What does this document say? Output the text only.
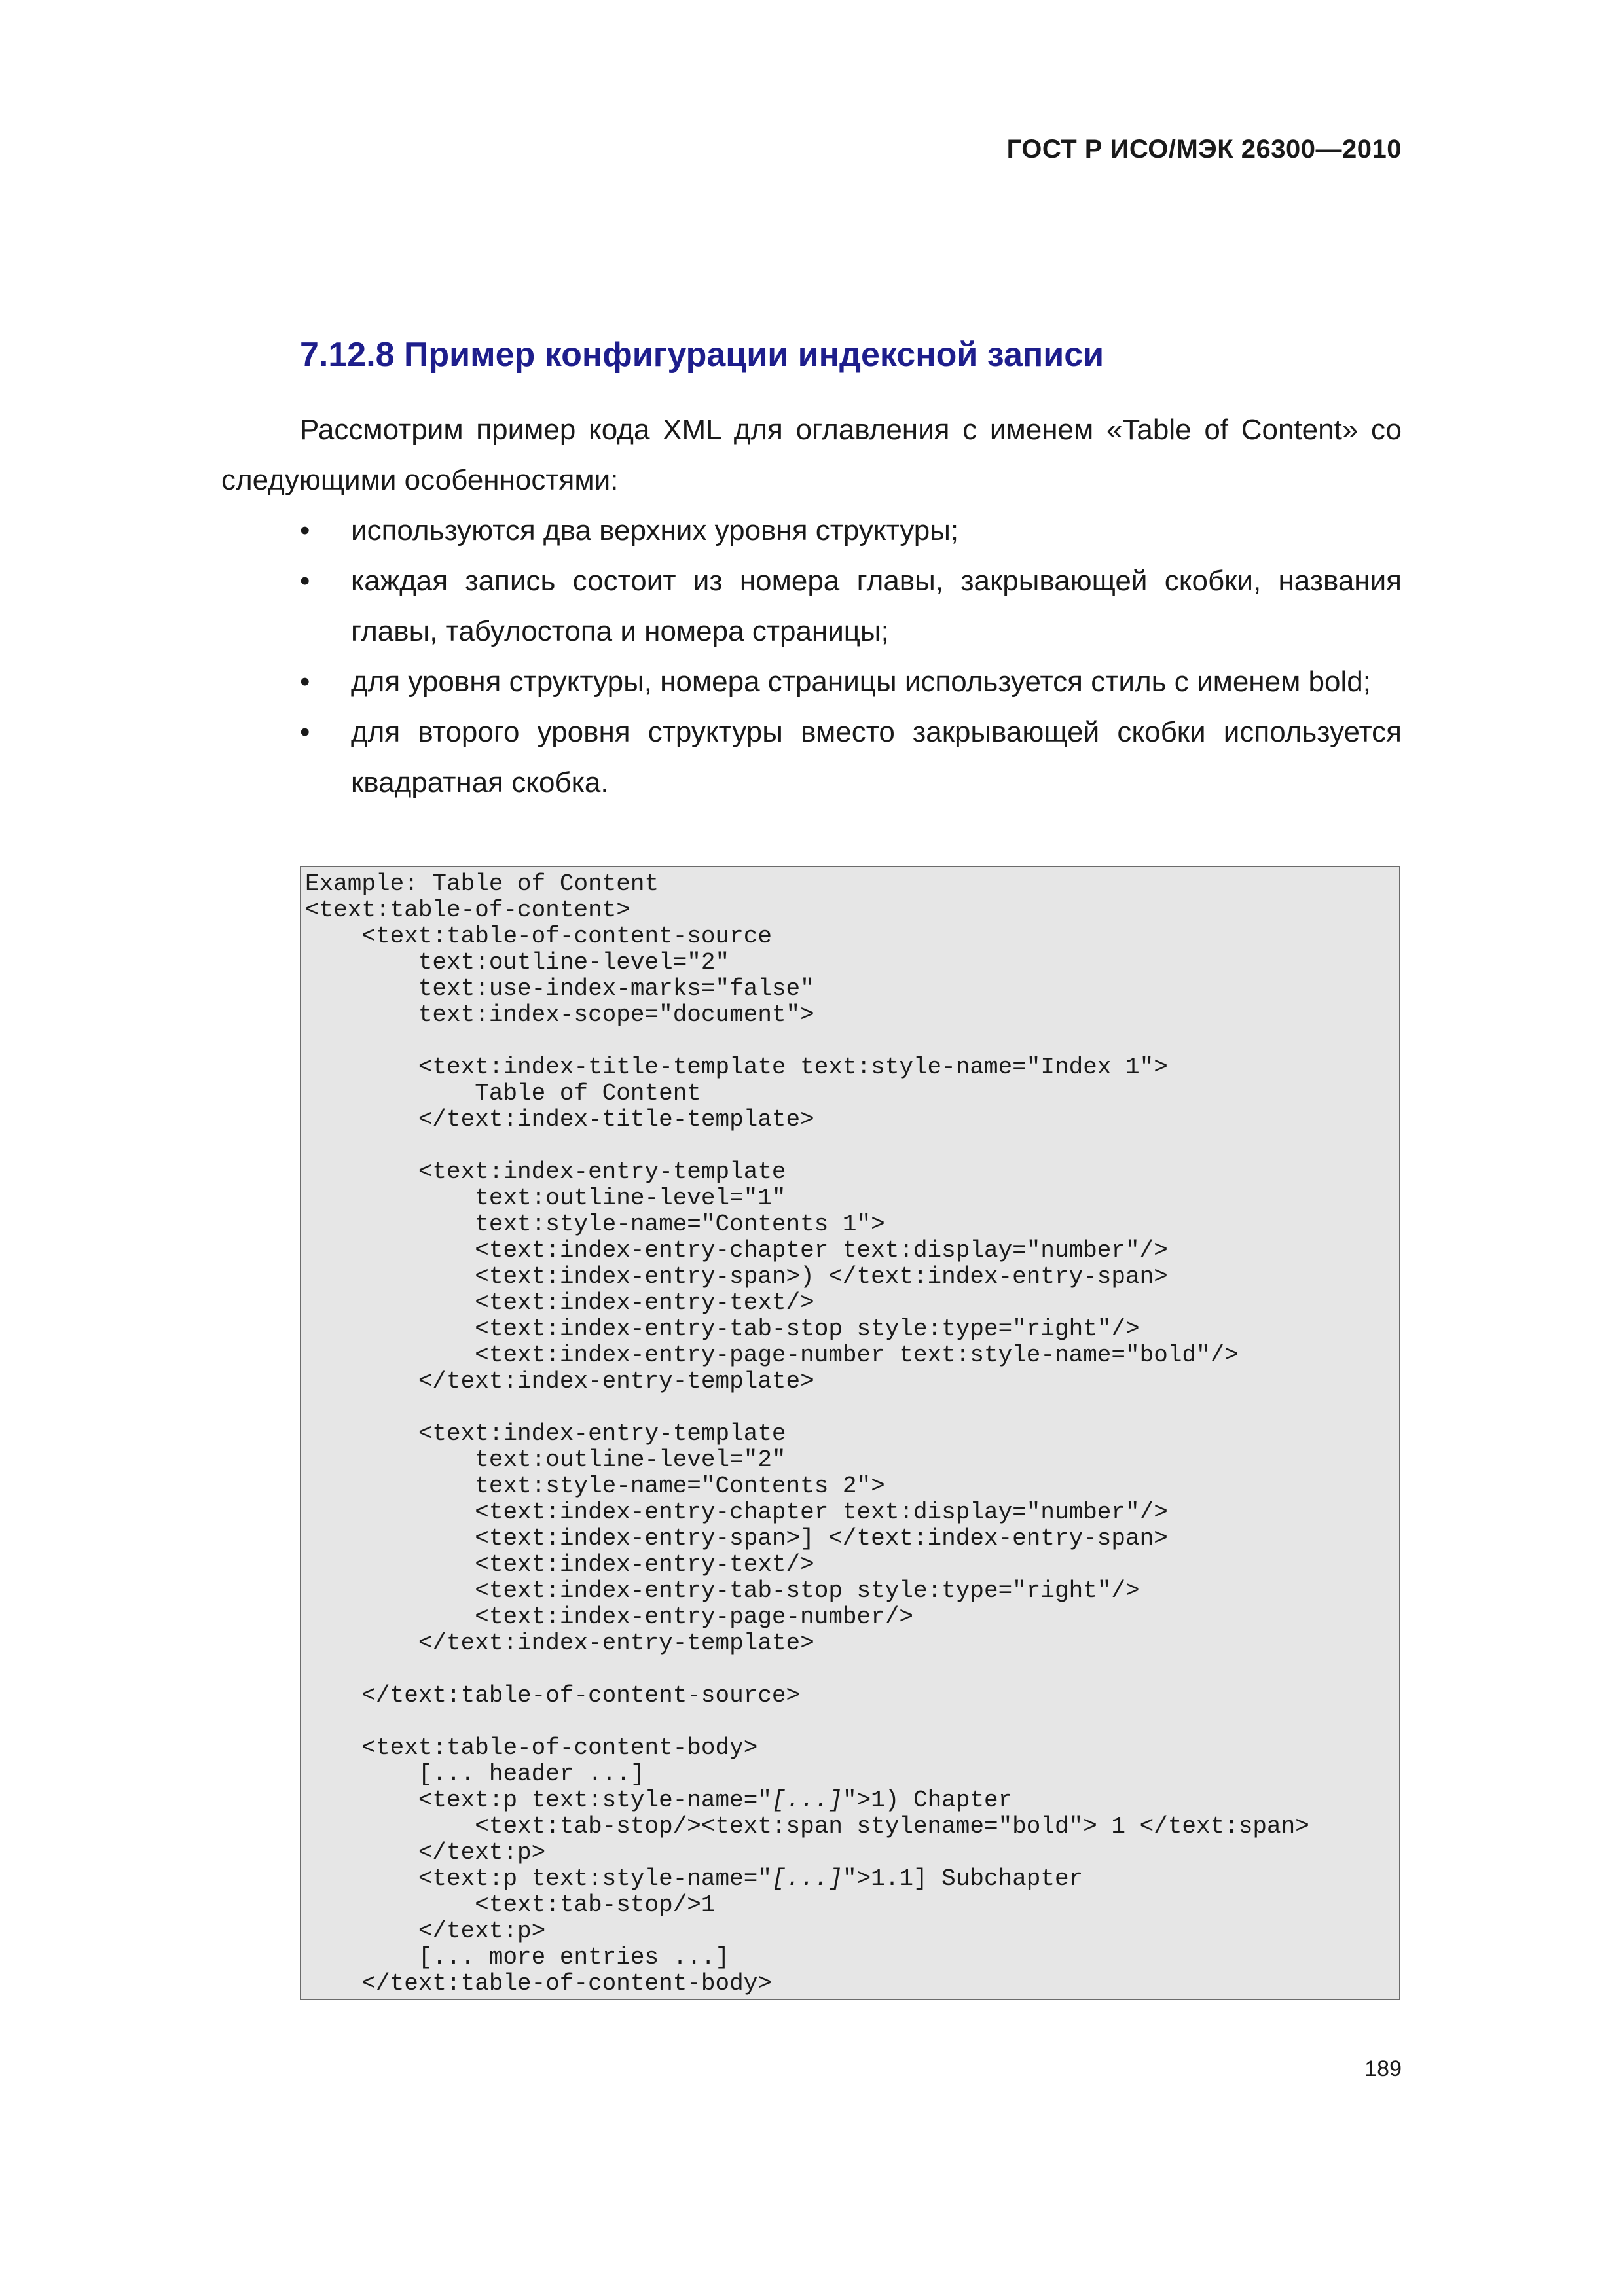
ГОСТ Р ИСО/МЭК 26300—2010
7.12.8 Пример конфигурации индексной записи

Рассмотрим пример кода XML для оглавления с именем «Table of Content» со следующими особенностями:

• используются два верхних уровня структуры;
• каждая запись состоит из номера главы, закрывающей скобки, названия главы, табулостопа и номера страницы;
• для уровня структуры, номера страницы используется стиль с именем bold;
• для второго уровня структуры вместо закрывающей скобки используется квадратная скобка.
Example: Table of Content
<text:table-of-content>
<text:table-of-content-source
text:outline-level="2"
text:use-index-marks="false"
text:index-scope="document">

<text:index-title-template text:style-name="Index 1">
Table of Content
</text:index-title-template>

<text:index-entry-template
text:outline-level="1"
text:style-name="Contents 1">
<text:index-entry-chapter text:display="number"/>
<text:index-entry-span>) </text:index-entry-span>
<text:index-entry-text/>
<text:index-entry-tab-stop style:type="right"/>
<text:index-entry-page-number text:style-name="bold"/>
</text:index-entry-template>

<text:index-entry-template
text:outline-level="2"
text:style-name="Contents 2">
<text:index-entry-chapter text:display="number"/>
<text:index-entry-span>] </text:index-entry-span>
<text:index-entry-text/>
<text:index-entry-tab-stop style:type="right"/>
<text:index-entry-page-number/>
</text:index-entry-template>

</text:table-of-content-source>

<text:table-of-content-body>
[... header ...]
<text:p text:style-name="[...]">1) Chapter
<text:tab-stop/><text:span stylename="bold"> 1 </text:span>
</text:p>
<text:p text:style-name="[...]">1.1] Subchapter
<text:tab-stop/>1
</text:p>
[... more entries ...]
</text:table-of-content-body>
189
